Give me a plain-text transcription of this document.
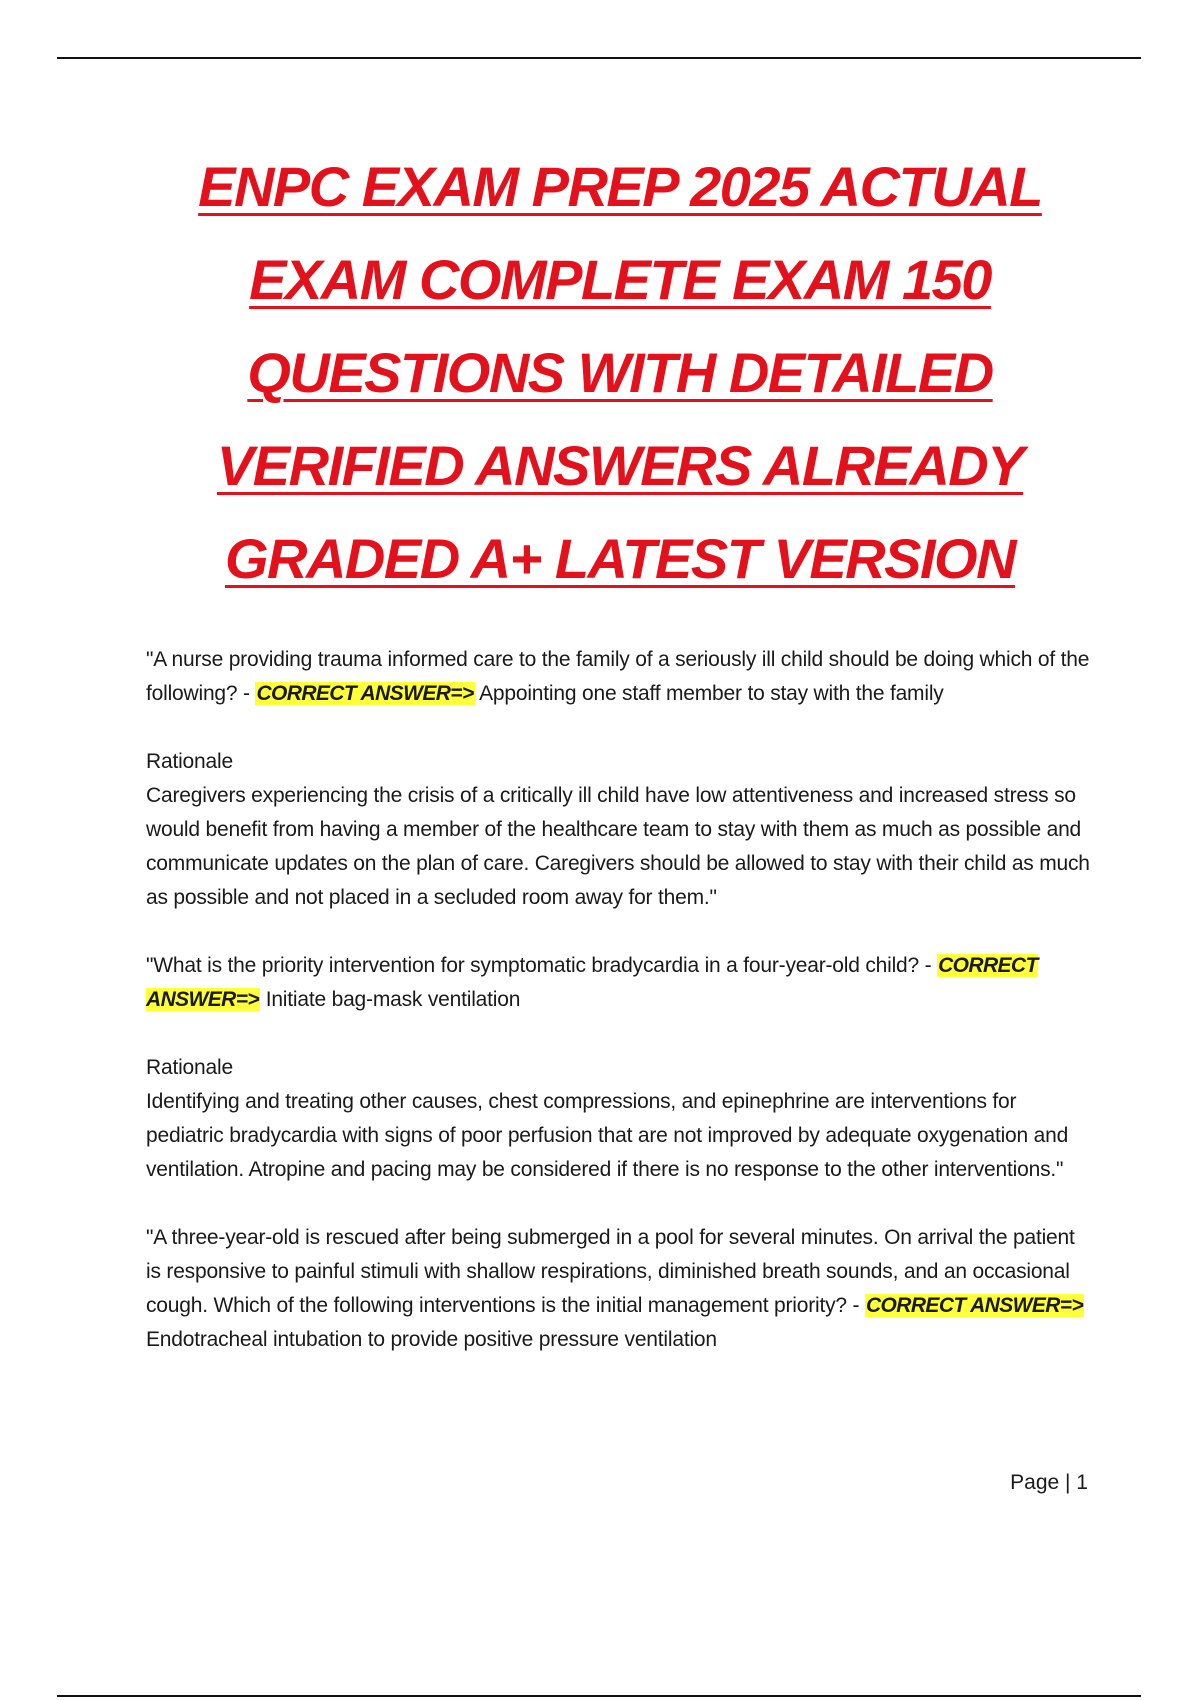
ENPC EXAM PREP 2025 ACTUAL
EXAM COMPLETE EXAM 150
QUESTIONS WITH DETAILED
VERIFIED ANSWERS ALREADY
GRADED A+ LATEST VERSION

"A nurse providing trauma informed care to the family of a seriously ill child should be doing which of the following? - CORRECT ANSWER=> Appointing one staff member to stay with the family

Rationale

Caregivers experiencing the crisis of a critically ill child have low attentiveness and increased stress so would benefit from having a member of the healthcare team to stay with them as much as possible and communicate updates on the plan of care. Caregivers should be allowed to stay with their child as much as possible and not placed in a secluded room away for them."

"What is the priority intervention for symptomatic bradycardia in a four-year-old child? - CORRECT ANSWER=> Initiate bag-mask ventilation

Rationale

Identifying and treating other causes, chest compressions, and epinephrine are interventions for pediatric bradycardia with signs of poor perfusion that are not improved by adequate oxygenation and ventilation. Atropine and pacing may be considered if there is no response to the other interventions."

"A three-year-old is rescued after being submerged in a pool for several minutes. On arrival the patient is responsive to painful stimuli with shallow respirations, diminished breath sounds, and an occasional cough. Which of the following interventions is the initial management priority? - CORRECT ANSWER=> Endotracheal intubation to provide positive pressure ventilation

Page | 1
